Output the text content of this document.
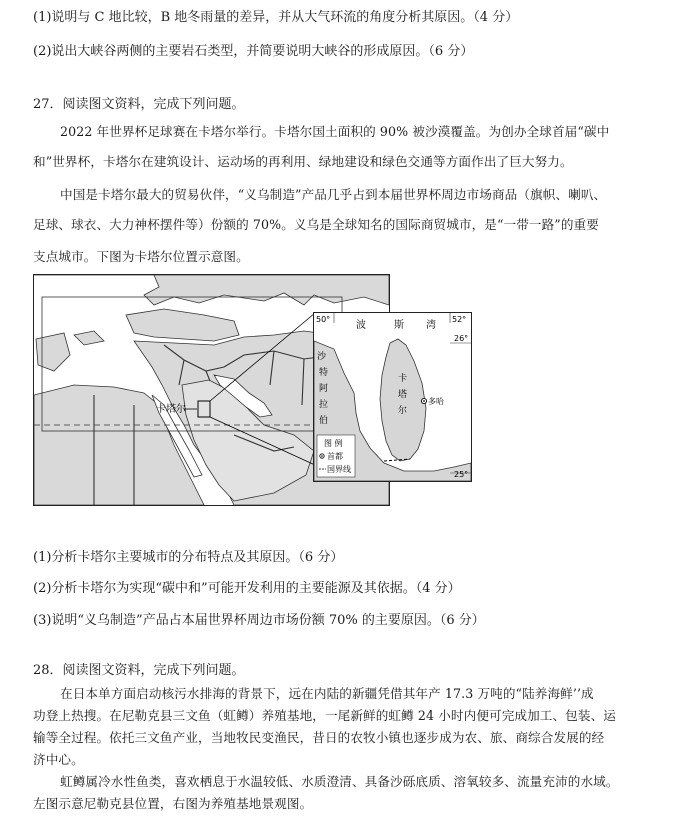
(1)说明与 C 地比较，B 地冬雨量的差异，并从大气环流的角度分析其原因。（4 分）
(2)说出大峡谷两侧的主要岩石类型，并简要说明大峡谷的形成原因。（6 分）
27．阅读图文资料，完成下列问题。
2022 年世界杯足球赛在卡塔尔举行。卡塔尔国土面积的 90% 被沙漠覆盖。为创办全球首届“碳中
和”世界杯，卡塔尔在建筑设计、运动场的再利用、绿地建设和绿色交通等方面作出了巨大努力。
中国是卡塔尔最大的贸易伙伴，“义乌制造”产品几乎占到本届世界杯周边市场商品（旗帜、喇叭、
足球、球衣、大力神杯摆件等）份额的 70%。义乌是全球知名的国际商贸城市，是“一带一路”的重要
支点城市。下图为卡塔尔位置示意图。
卡塔尔
波	斯 湾
50°	52°
26°
25°
沙
特
阿
拉
伯
卡
塔
尔
多哈
图 例
首都
国界线
(1)分析卡塔尔主要城市的分布特点及其原因。（6 分）
(2)分析卡塔尔为实现“碳中和”可能开发利用的主要能源及其依据。（4 分）
(3)说明“义乌制造”产品占本届世界杯周边市场份额 70% 的主要原因。（6 分）
28．阅读图文资料，完成下列问题。
在日本单方面启动核污水排海的背景下，远在内陆的新疆凭借其年产 17.3 万吨的“陆养海鲜’’成
功登上热搜。在尼勒克县三文鱼（虹鳟）养殖基地，一尾新鲜的虹鳟 24 小时内便可完成加工、包装、运
输等全过程。依托三文鱼产业，当地牧民变渔民，昔日的农牧小镇也逐步成为农、旅、商综合发展的经
济中心。
虹鳟属冷水性鱼类，喜欢栖息于水温较低、水质澄清、具备沙砾底质、溶氧较多、流量充沛的水域。
左图示意尼勒克县位置，右图为养殖基地景观图。
